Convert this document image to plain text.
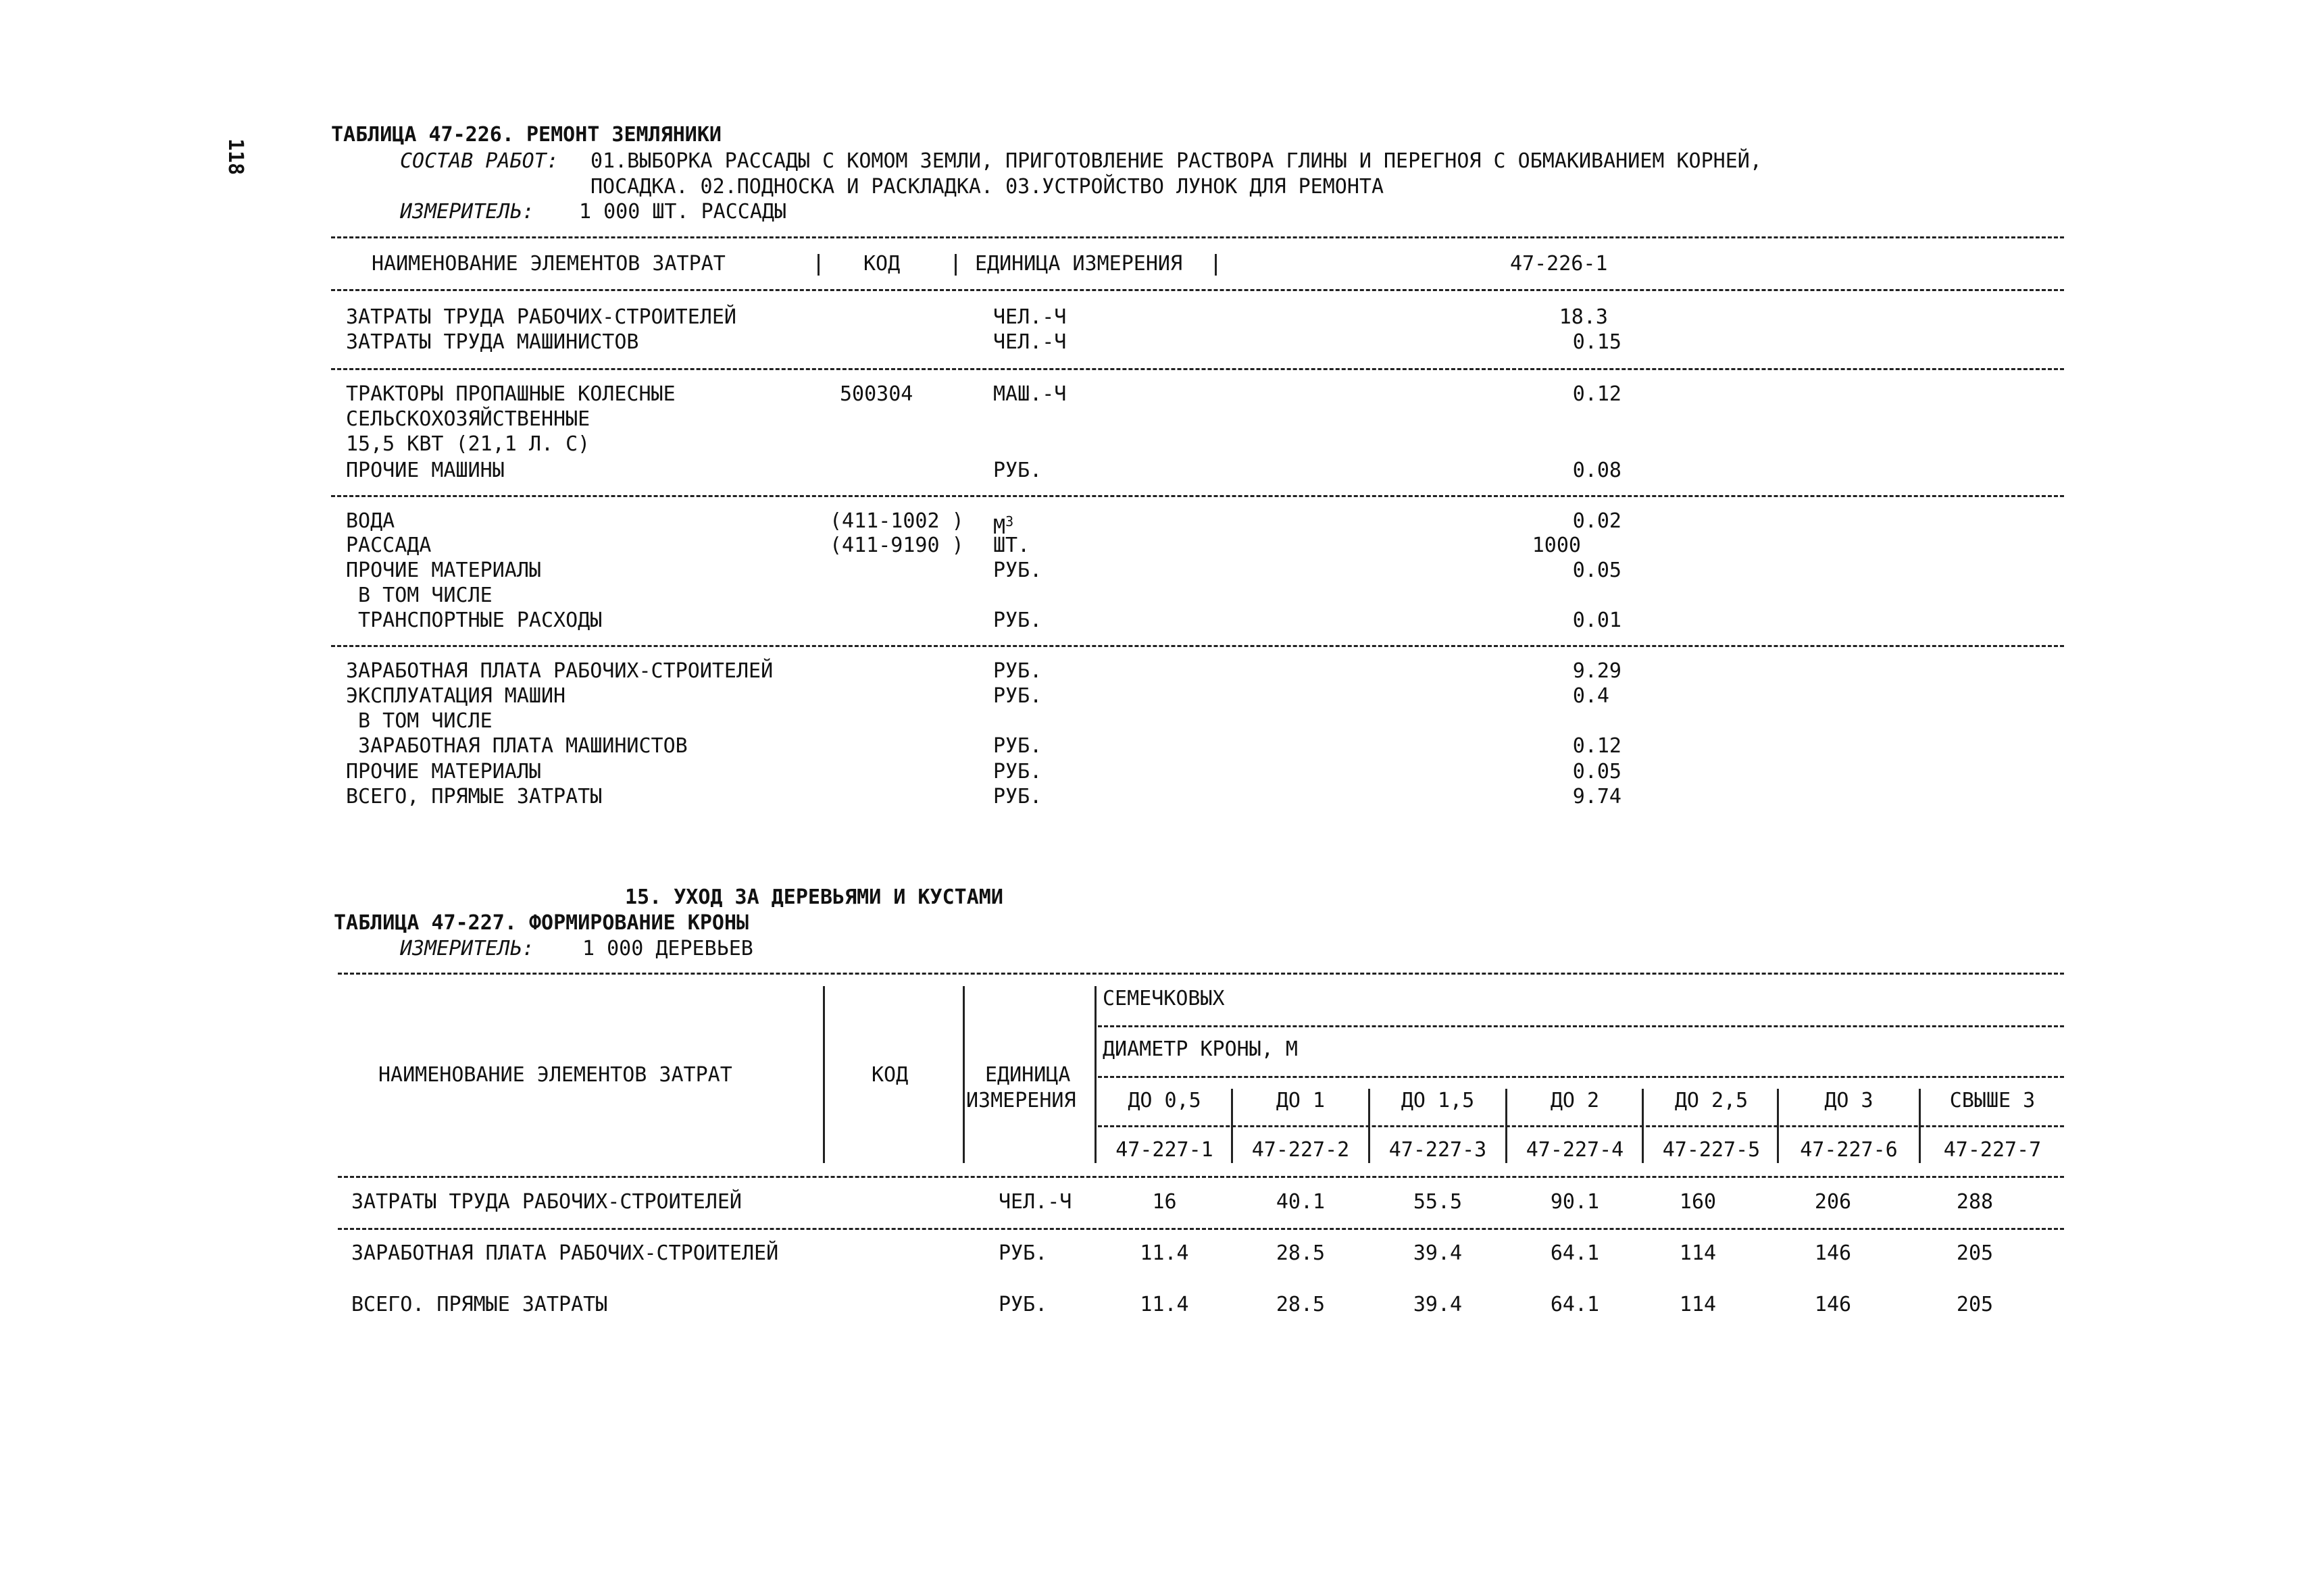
118
ТАБЛИЦА 47-226. РЕМОНТ ЗЕМЛЯНИКИ
СОСТАВ РАБОТ: 01.ВЫБОРКА РАССАДЫ С КОМОМ ЗЕМЛИ, ПРИГОТОВЛЕНИЕ РАСТВОРА ГЛИНЫ И ПЕРЕГНОЯ С ОБМАКИВАНИЕМ КОРНЕЙ,
ПОСАДКА. 02.ПОДНОСКА И РАСКЛАДКА. 03.УСТРОЙСТВО ЛУНОК ДЛЯ РЕМОНТА
ИЗМЕРИТЕЛЬ: 1 000 ШТ. РАССАДЫ
НАИМЕНОВАНИЕ ЭЛЕМЕНТОВ ЗАТРАТ	КОД	ЕДИНИЦА ИЗМЕРЕНИЯ	47-226-1
ЗАТРАТЫ ТРУДА РАБОЧИХ-СТРОИТЕЛЕЙ	ЧЕЛ.-Ч	18.3
ЗАТРАТЫ ТРУДА МАШИНИСТОВ	ЧЕЛ.-Ч	0.15
ТРАКТОРЫ ПРОПАШНЫЕ КОЛЕСНЫЕ	500304	МАШ.-Ч	0.12
СЕЛЬСКОХОЗЯЙСТВЕННЫЕ
15,5 КВТ (21,1 Л. С)
ПРОЧИЕ МАШИНЫ	РУБ.	0.08
ВОДА	(411-1002 ) $М^3$	0.02
РАССАДА	(411-9190 ) ШТ.	1000
ПРОЧИЕ МАТЕРИАЛЫ	РУБ.	0.05
В ТОМ ЧИСЛЕ
ТРАНСПОРТНЫЕ РАСХОДЫ	РУБ.	0.01
ЗАРАБОТНАЯ ПЛАТА РАБОЧИХ-СТРОИТЕЛЕЙ	РУБ.	9.29
ЭКСПЛУАТАЦИЯ МАШИН	РУБ.	0.4
В ТОМ ЧИСЛЕ
ЗАРАБОТНАЯ ПЛАТА МАШИНИСТОВ	РУБ.	0.12
ПРОЧИЕ МАТЕРИАЛЫ	РУБ.	0.05
ВСЕГО, ПРЯМЫЕ ЗАТРАТЫ	РУБ.	9.74
15. УХОД ЗА ДЕРЕВЬЯМИ И КУСТАМИ
ТАБЛИЦА 47-227. ФОРМИРОВАНИЕ КРОНЫ
ИЗМЕРИТЕЛЬ: 1 000 ДЕРЕВЬЕВ
НАИМЕНОВАНИЕ ЭЛЕМЕНТОВ ЗАТРАТ	КОД	ЕДИНИЦА
ИЗМЕРЕНИЯ
СЕМЕЧКОВЫХ
ДИАМЕТР КРОНЫ, М
ДО 0,5	ДО 1	ДО 1,5	ДО 2	ДО 2,5	ДО 3	СВЫШЕ 3
47-227-1	47-227-2	47-227-3	47-227-4	47-227-5	47-227-6	47-227-7
ЗАТРАТЫ ТРУДА РАБОЧИХ-СТРОИТЕЛЕЙ	ЧЕЛ.-Ч	16	40.1	55.5	90.1	160	206	288
ЗАРАБОТНАЯ ПЛАТА РАБОЧИХ-СТРОИТЕЛЕЙ	РУБ.	11.4	28.5	39.4	64.1	114	146	205
ВСЕГО. ПРЯМЫЕ ЗАТРАТЫ	РУБ.	11.4	28.5	39.4	64.1	114	146	205
